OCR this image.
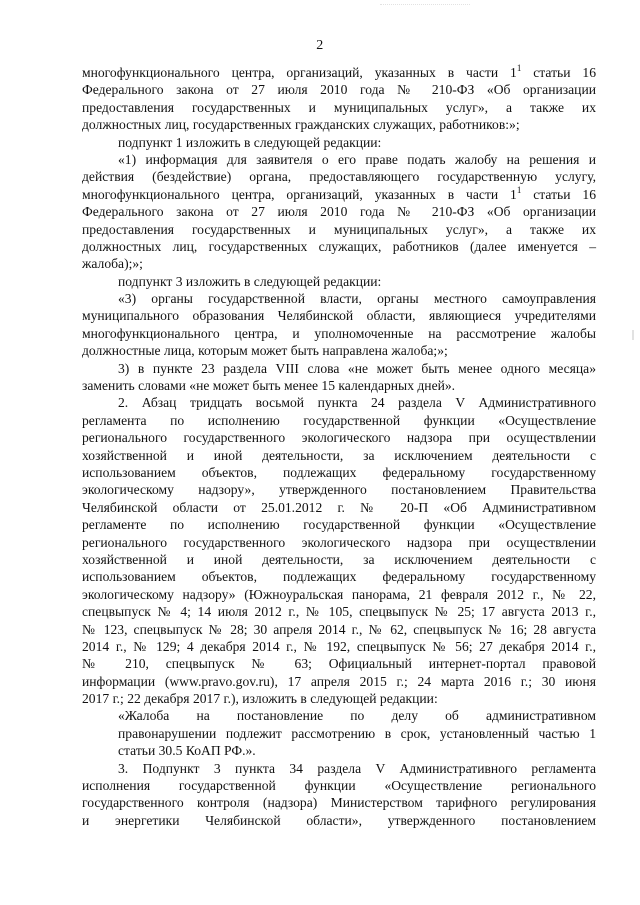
2
многофункционального центра, организаций, указанных в части $1^1$ статьи 16
Федерального закона от 27 июля 2010 года № 210-ФЗ «Об организации
предоставления государственных и муниципальных услуг», а также их
должностных лиц, государственных гражданских служащих, работников:»;
подпункт 1 изложить в следующей редакции:
«1) информация для заявителя о его праве подать жалобу на решения и
действия (бездействие) органа, предоставляющего государственную услугу,
многофункционального центра, организаций, указанных в части $1^1$ статьи 16
Федерального закона от 27 июля 2010 года № 210-ФЗ «Об организации
предоставления государственных и муниципальных услуг», а также их
должностных лиц, государственных служащих, работников (далее именуется –
жалоба);»;
подпункт 3 изложить в следующей редакции:
«3) органы государственной власти, органы местного самоуправления
муниципального образования Челябинской области, являющиеся учредителями
многофункционального центра, и уполномоченные на рассмотрение жалобы
должностные лица, которым может быть направлена жалоба;»;
3) в пункте 23 раздела VIII слова «не может быть менее одного месяца»
заменить словами «не может быть менее 15 календарных дней».
2. Абзац тридцать восьмой пункта 24 раздела V Административного
регламента по исполнению государственной функции «Осуществление
регионального государственного экологического надзора при осуществлении
хозяйственной и иной деятельности, за исключением деятельности с
использованием объектов, подлежащих федеральному государственному
экологическому надзору», утвержденного постановлением Правительства
Челябинской области от 25.01.2012 г. № 20-П «Об Административном
регламенте по исполнению государственной функции «Осуществление
регионального государственного экологического надзора при осуществлении
хозяйственной и иной деятельности, за исключением деятельности с
использованием объектов, подлежащих федеральному государственному
экологическому надзору» (Южноуральская панорама, 21 февраля 2012 г., № 22,
спецвыпуск № 4; 14 июля 2012 г., № 105, спецвыпуск № 25; 17 августа 2013 г.,
№ 123, спецвыпуск № 28; 30 апреля 2014 г., № 62, спецвыпуск № 16; 28 августа
2014 г., № 129; 4 декабря 2014 г., № 192, спецвыпуск № 56; 27 декабря 2014 г.,
№ 210, спецвыпуск № 63; Официальный интернет-портал правовой
информации (www.pravo.gov.ru), 17 апреля 2015 г.; 24 марта 2016 г.; 30 июня
2017 г.; 22 декабря 2017 г.), изложить в следующей редакции:
«Жалоба на постановление по делу об административном
правонарушении подлежит рассмотрению в срок, установленный частью 1
статьи 30.5 КоАП РФ.».
3. Подпункт 3 пункта 34 раздела V Административного регламента
исполнения государственной функции «Осуществление регионального
государственного контроля (надзора) Министерством тарифного регулирования
и энергетики Челябинской области», утвержденного постановлением
